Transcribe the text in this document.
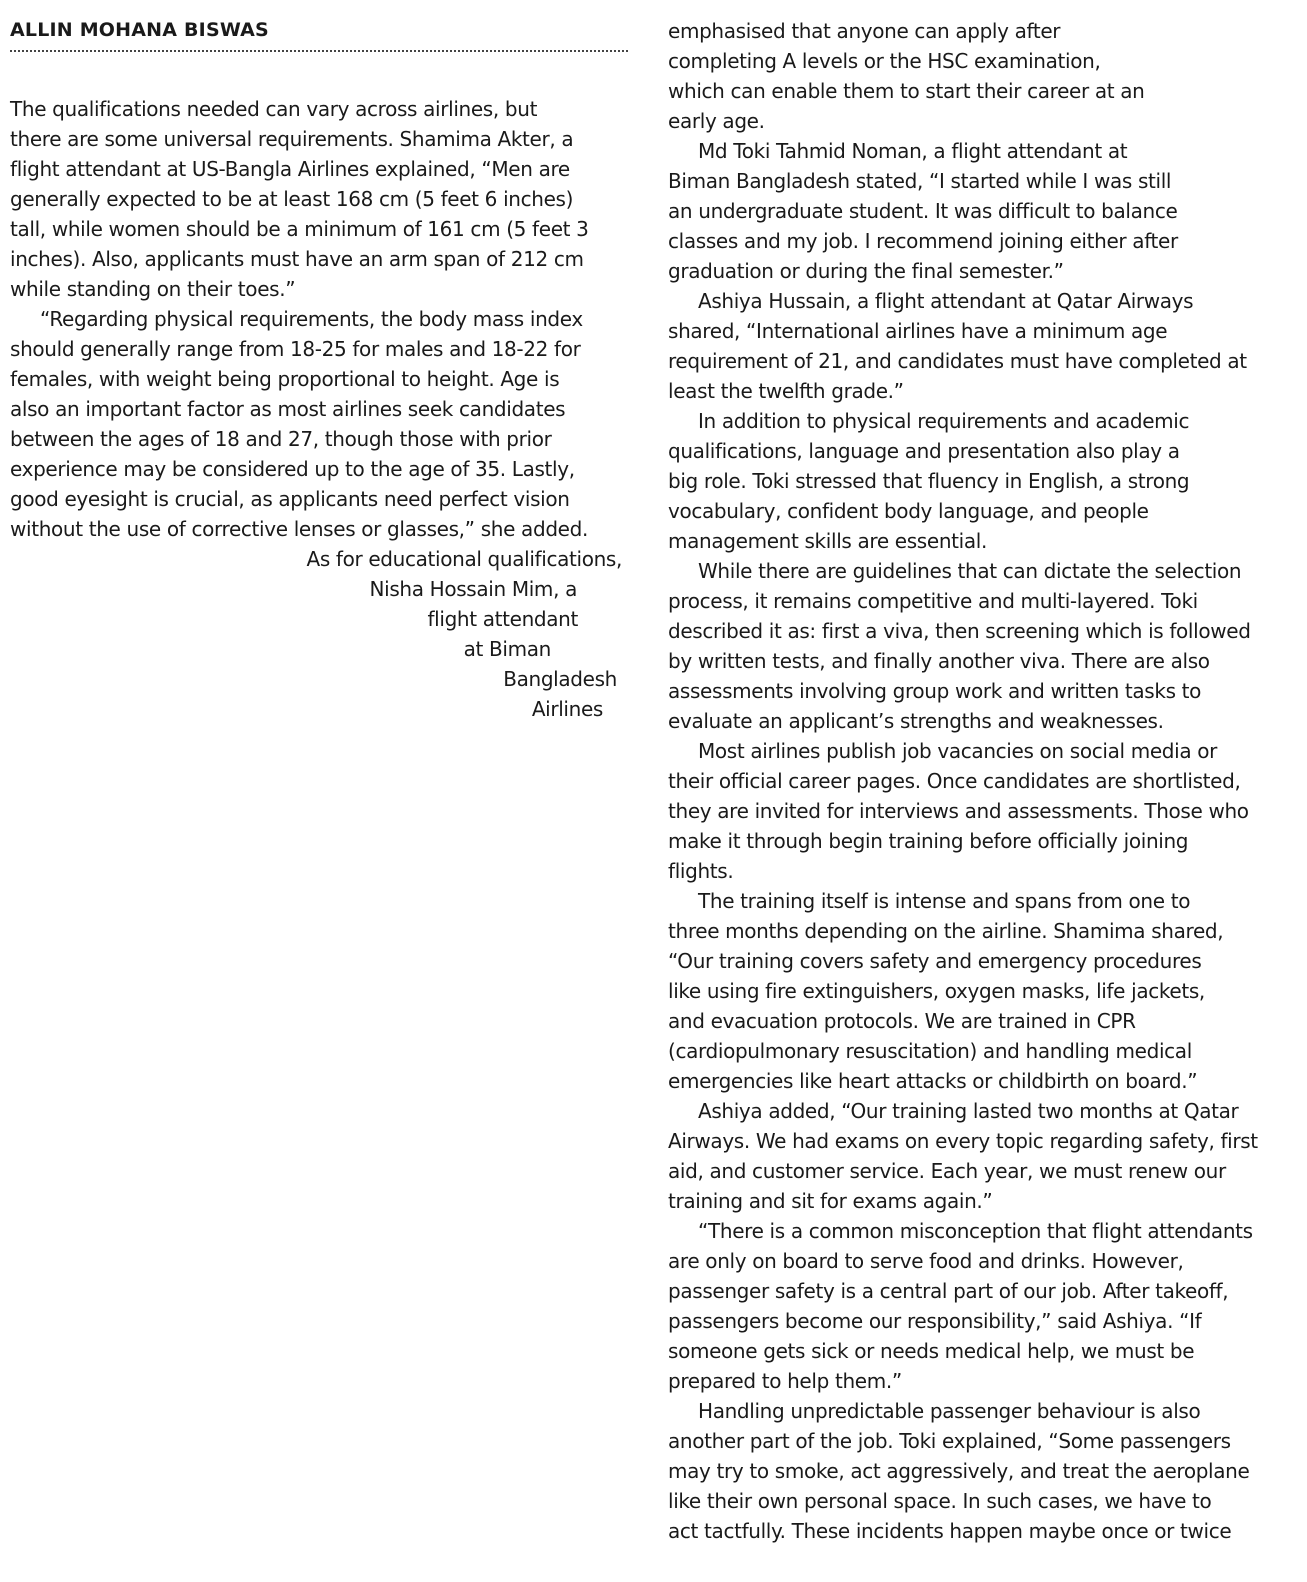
ALLIN MOHANA BISWAS

The qualifications needed can vary across airlines, but
there are some universal requirements. Shamima Akter, a
flight attendant at US-Bangla Airlines explained, “Men are
generally expected to be at least 168 cm (5 feet 6 inches)
tall, while women should be a minimum of 161 cm (5 feet 3
inches). Also, applicants must have an arm span of 212 cm
while standing on their toes.”
“Regarding physical requirements, the body mass index
should generally range from 18-25 for males and 18-22 for
females, with weight being proportional to height. Age is
also an important factor as most airlines seek candidates
between the ages of 18 and 27, though those with prior
experience may be considered up to the age of 35. Lastly,
good eyesight is crucial, as applicants need perfect vision
without the use of corrective lenses or glasses,” she added.
As for educational qualifications,
Nisha Hossain Mim, a
flight attendant
at Biman
Bangladesh
Airlines
emphasised that anyone can apply after
completing A levels or the HSC examination,
which can enable them to start their career at an
early age.
Md Toki Tahmid Noman, a flight attendant at
Biman Bangladesh stated, “I started while I was still
an undergraduate student. It was difficult to balance
classes and my job. I recommend joining either after
graduation or during the final semester.”
Ashiya Hussain, a flight attendant at Qatar Airways
shared, “International airlines have a minimum age
requirement of 21, and candidates must have completed at
least the twelfth grade.”
In addition to physical requirements and academic
qualifications, language and presentation also play a
big role. Toki stressed that fluency in English, a strong
vocabulary, confident body language, and people
management skills are essential.
While there are guidelines that can dictate the selection
process, it remains competitive and multi-layered. Toki
described it as: first a viva, then screening which is followed
by written tests, and finally another viva. There are also
assessments involving group work and written tasks to
evaluate an applicant’s strengths and weaknesses.
Most airlines publish job vacancies on social media or
their official career pages. Once candidates are shortlisted,
they are invited for interviews and assessments. Those who
make it through begin training before officially joining
flights.
The training itself is intense and spans from one to
three months depending on the airline. Shamima shared,
“Our training covers safety and emergency procedures
like using fire extinguishers, oxygen masks, life jackets,
and evacuation protocols. We are trained in CPR
(cardiopulmonary resuscitation) and handling medical
emergencies like heart attacks or childbirth on board.”
Ashiya added, “Our training lasted two months at Qatar
Airways. We had exams on every topic regarding safety, first
aid, and customer service. Each year, we must renew our
training and sit for exams again.”
“There is a common misconception that flight attendants
are only on board to serve food and drinks. However,
passenger safety is a central part of our job. After takeoff,
passengers become our responsibility,” said Ashiya. “If
someone gets sick or needs medical help, we must be
prepared to help them.”
Handling unpredictable passenger behaviour is also
another part of the job. Toki explained, “Some passengers
may try to smoke, act aggressively, and treat the aeroplane
like their own personal space. In such cases, we have to
act tactfully. These incidents happen maybe once or twice
